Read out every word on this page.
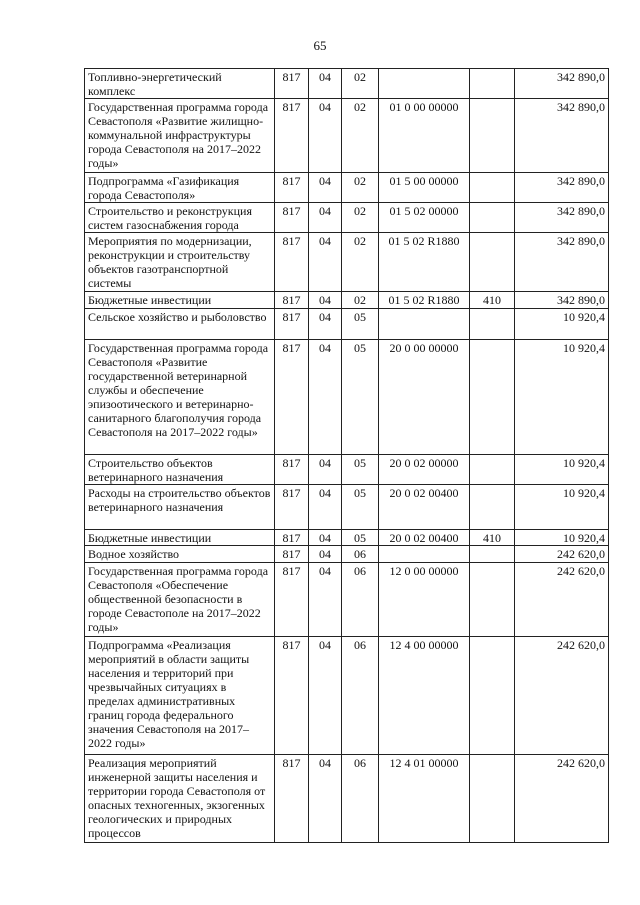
65
Топливно-энергетический комплекс	817	04	02			342 890,0
Государственная программа города Севастополя «Развитие жилищно-коммунальной инфраструктуры города Севастополя на 2017–2022 годы»	817	04	02	01 0 00 00000		342 890,0
Подпрограмма «Газификация города Севастополя»	817	04	02	01 5 00 00000		342 890,0
Строительство и реконструкция систем газоснабжения города	817	04	02	01 5 02 00000		342 890,0
Мероприятия по модернизации, реконструкции и строительству объектов газотранспортной системы	817	04	02	01 5 02 R1880		342 890,0
Бюджетные инвестиции	817	04	02	01 5 02 R1880	410	342 890,0
Сельское хозяйство и рыболовство	817	04	05			10 920,4
Государственная программа города Севастополя «Развитие государственной ветеринарной службы и обеспечение эпизоотического и ветеринарно-санитарного благополучия города Севастополя на 2017–2022 годы»	817	04	05	20 0 00 00000		10 920,4
Строительство объектов ветеринарного назначения	817	04	05	20 0 02 00000		10 920,4
Расходы на строительство объектов ветеринарного назначения	817	04	05	20 0 02 00400		10 920,4
Бюджетные инвестиции	817	04	05	20 0 02 00400	410	10 920,4
Водное хозяйство	817	04	06			242 620,0
Государственная программа города Севастополя «Обеспечение общественной безопасности в городе Севастополе на 2017–2022 годы»	817	04	06	12 0 00 00000		242 620,0
Подпрограмма «Реализация мероприятий в области защиты населения и территорий при чрезвычайных ситуациях в пределах административных границ города федерального значения Севастополя на 2017–2022 годы»	817	04	06	12 4 00 00000		242 620,0
Реализация мероприятий инженерной защиты населения и территории города Севастополя от опасных техногенных, экзогенных геологических и природных процессов	817	04	06	12 4 01 00000		242 620,0
